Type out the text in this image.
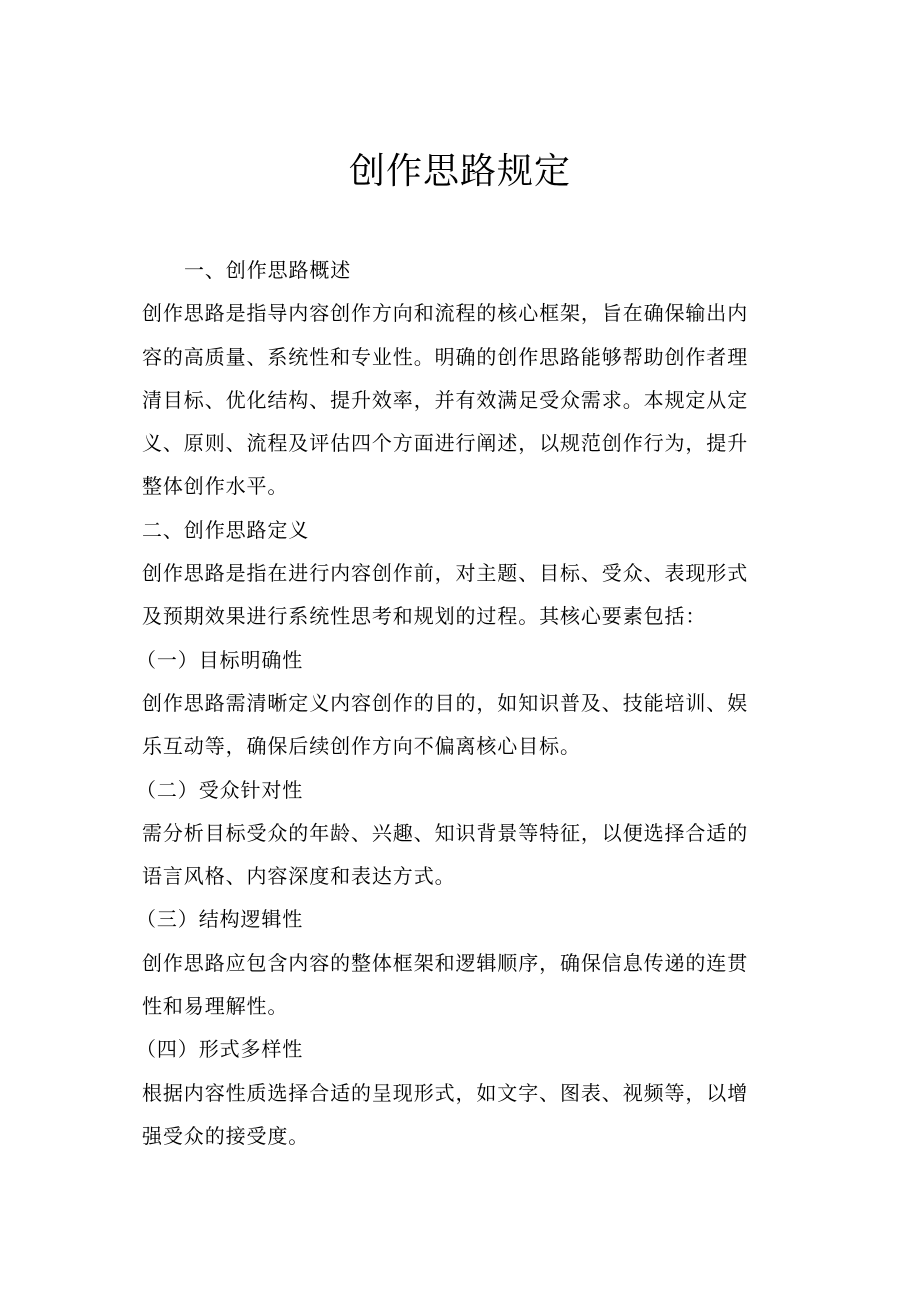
创作思路规定
一、创作思路概述
创作思路是指导内容创作方向和流程的核心框架，旨在确保输出内
容的高质量、系统性和专业性。明确的创作思路能够帮助创作者理
清目标、优化结构、提升效率，并有效满足受众需求。本规定从定
义、原则、流程及评估四个方面进行阐述，以规范创作行为，提升
整体创作水平。
二、创作思路定义
创作思路是指在进行内容创作前，对主题、目标、受众、表现形式
及预期效果进行系统性思考和规划的过程。其核心要素包括：
（一）目标明确性
创作思路需清晰定义内容创作的目的，如知识普及、技能培训、娱
乐互动等，确保后续创作方向不偏离核心目标。
（二）受众针对性
需分析目标受众的年龄、兴趣、知识背景等特征，以便选择合适的
语言风格、内容深度和表达方式。
（三）结构逻辑性
创作思路应包含内容的整体框架和逻辑顺序，确保信息传递的连贯
性和易理解性。
（四）形式多样性
根据内容性质选择合适的呈现形式，如文字、图表、视频等，以增
强受众的接受度。
